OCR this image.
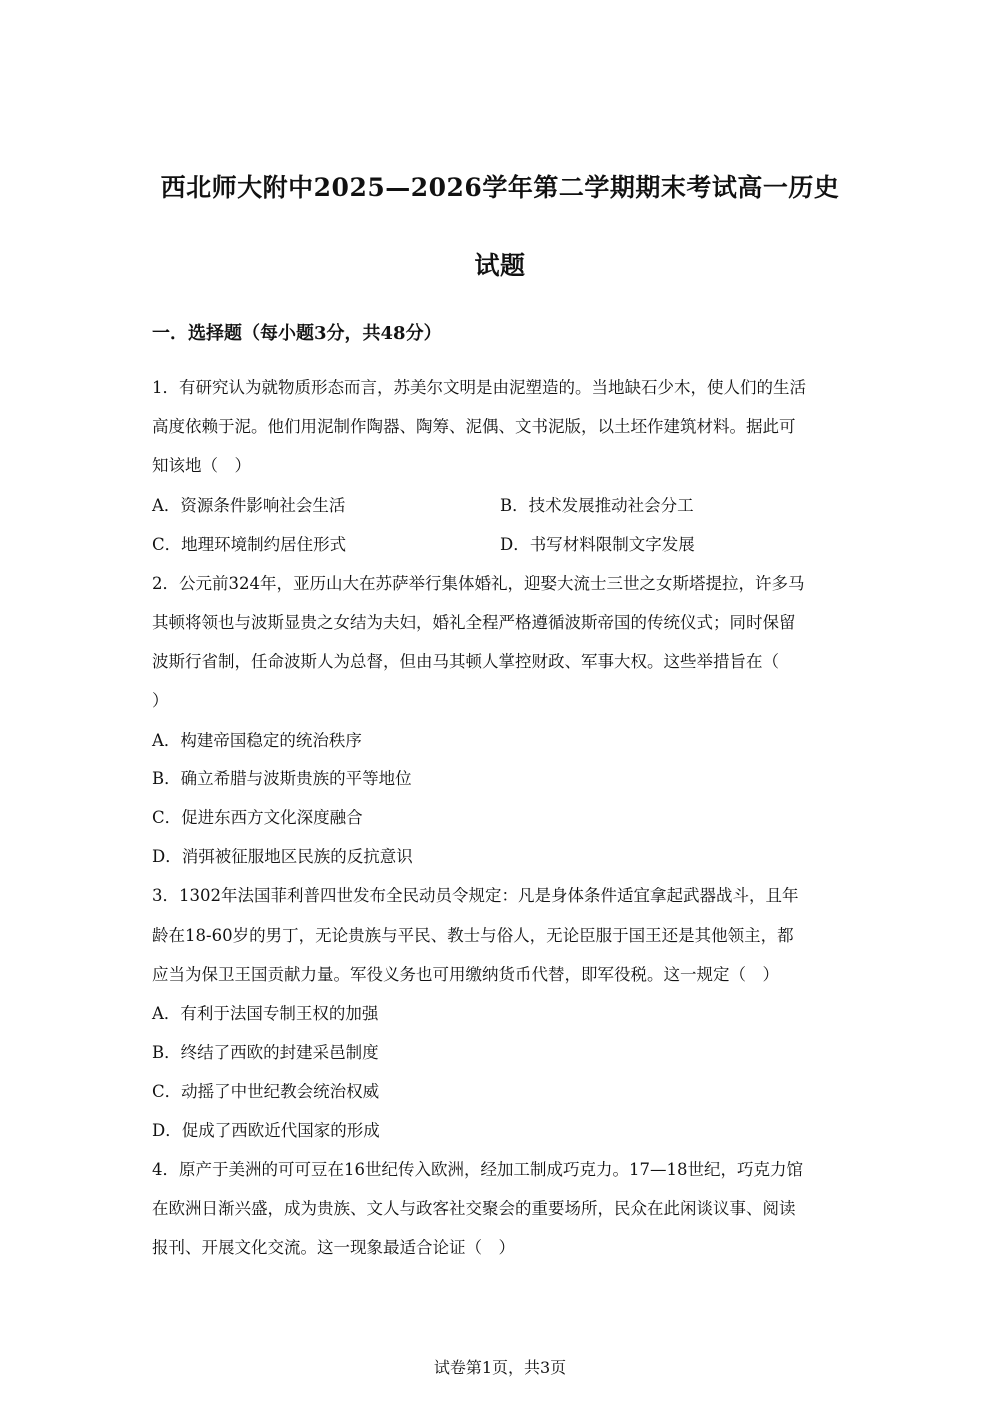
西北师大附中2025—2026学年第二学期期末考试高一历史
试题
一．选择题（每小题3分，共48分）

1．有研究认为就物质形态而言，苏美尔文明是由泥塑造的。当地缺石少木，使人们的生活

高度依赖于泥。他们用泥制作陶器、陶筹、泥偶、文书泥版，以土坯作建筑材料。据此可

知该地（　）

A．资源条件影响社会生活	B．技术发展推动社会分工

C．地理环境制约居住形式	D．书写材料限制文字发展

2．公元前324年，亚历山大在苏萨举行集体婚礼，迎娶大流士三世之女斯塔提拉，许多马

其顿将领也与波斯显贵之女结为夫妇，婚礼全程严格遵循波斯帝国的传统仪式；同时保留

波斯行省制，任命波斯人为总督，但由马其顿人掌控财政、军事大权。这些举措旨在（

）

A．构建帝国稳定的统治秩序

B．确立希腊与波斯贵族的平等地位

C．促进东西方文化深度融合

D．消弭被征服地区民族的反抗意识

3．1302年法国菲利普四世发布全民动员令规定：凡是身体条件适宜拿起武器战斗，且年

龄在18-60岁的男丁，无论贵族与平民、教士与俗人，无论臣服于国王还是其他领主，都

应当为保卫王国贡献力量。军役义务也可用缴纳货币代替，即军役税。这一规定（　）

A．有利于法国专制王权的加强

B．终结了西欧的封建采邑制度

C．动摇了中世纪教会统治权威

D．促成了西欧近代国家的形成

4．原产于美洲的可可豆在16世纪传入欧洲，经加工制成巧克力。17—18世纪，巧克力馆

在欧洲日渐兴盛，成为贵族、文人与政客社交聚会的重要场所，民众在此闲谈议事、阅读

报刊、开展文化交流。这一现象最适合论证（　）

试卷第1页，共3页
